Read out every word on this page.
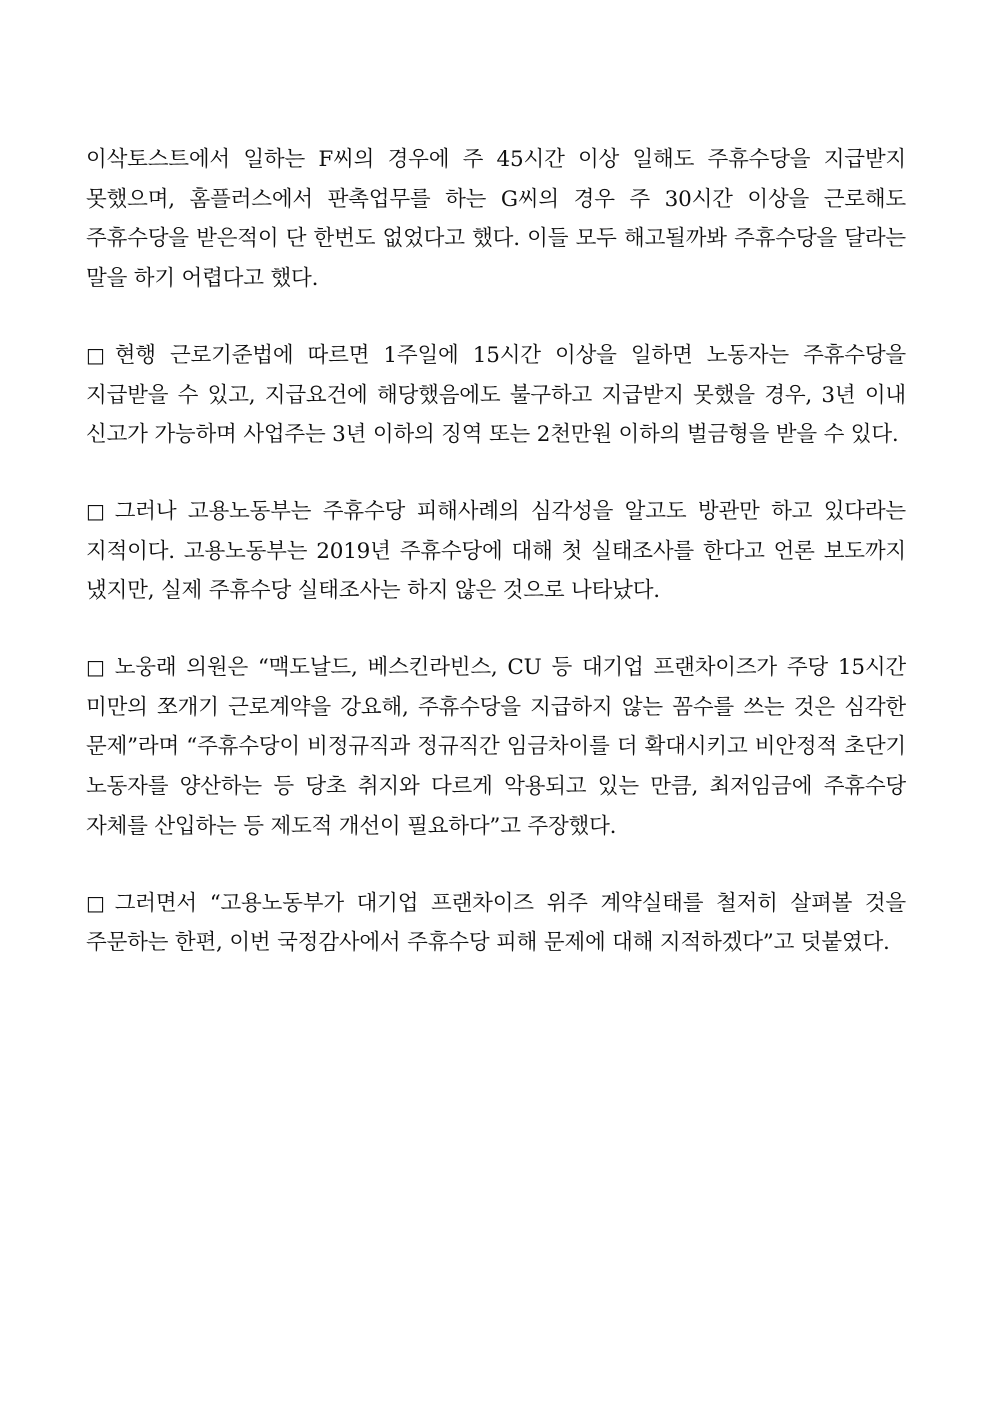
이삭토스트에서 일하는 F씨의 경우에 주 45시간 이상 일해도 주휴수당을 지급받지 못했으며, 홈플러스에서 판촉업무를 하는 G씨의 경우 주 30시간 이상을 근로해도 주휴수당을 받은적이 단 한번도 없었다고 했다. 이들 모두 해고될까봐 주휴수당을 달라는 말을 하기 어렵다고 했다.

□ 현행 근로기준법에 따르면 1주일에 15시간 이상을 일하면 노동자는 주휴수당을 지급받을 수 있고, 지급요건에 해당했음에도 불구하고 지급받지 못했을 경우, 3년 이내 신고가 가능하며 사업주는 3년 이하의 징역 또는 2천만원 이하의 벌금형을 받을 수 있다.

□ 그러나 고용노동부는 주휴수당 피해사례의 심각성을 알고도 방관만 하고 있다라는 지적이다. 고용노동부는 2019년 주휴수당에 대해 첫 실태조사를 한다고 언론 보도까지 냈지만, 실제 주휴수당 실태조사는 하지 않은 것으로 나타났다.

□ 노웅래 의원은 “맥도날드, 베스킨라빈스, CU 등 대기업 프랜차이즈가 주당 15시간 미만의 쪼개기 근로계약을 강요해, 주휴수당을 지급하지 않는 꼼수를 쓰는 것은 심각한 문제”라며 “주휴수당이 비정규직과 정규직간 임금차이를 더 확대시키고 비안정적 초단기 노동자를 양산하는 등 당초 취지와 다르게 악용되고 있는 만큼, 최저임금에 주휴수당 자체를 산입하는 등 제도적 개선이 필요하다”고 주장했다.

□ 그러면서 “고용노동부가 대기업 프랜차이즈 위주 계약실태를 철저히 살펴볼 것을 주문하는 한편, 이번 국정감사에서 주휴수당 피해 문제에 대해 지적하겠다”고 덧붙였다.
